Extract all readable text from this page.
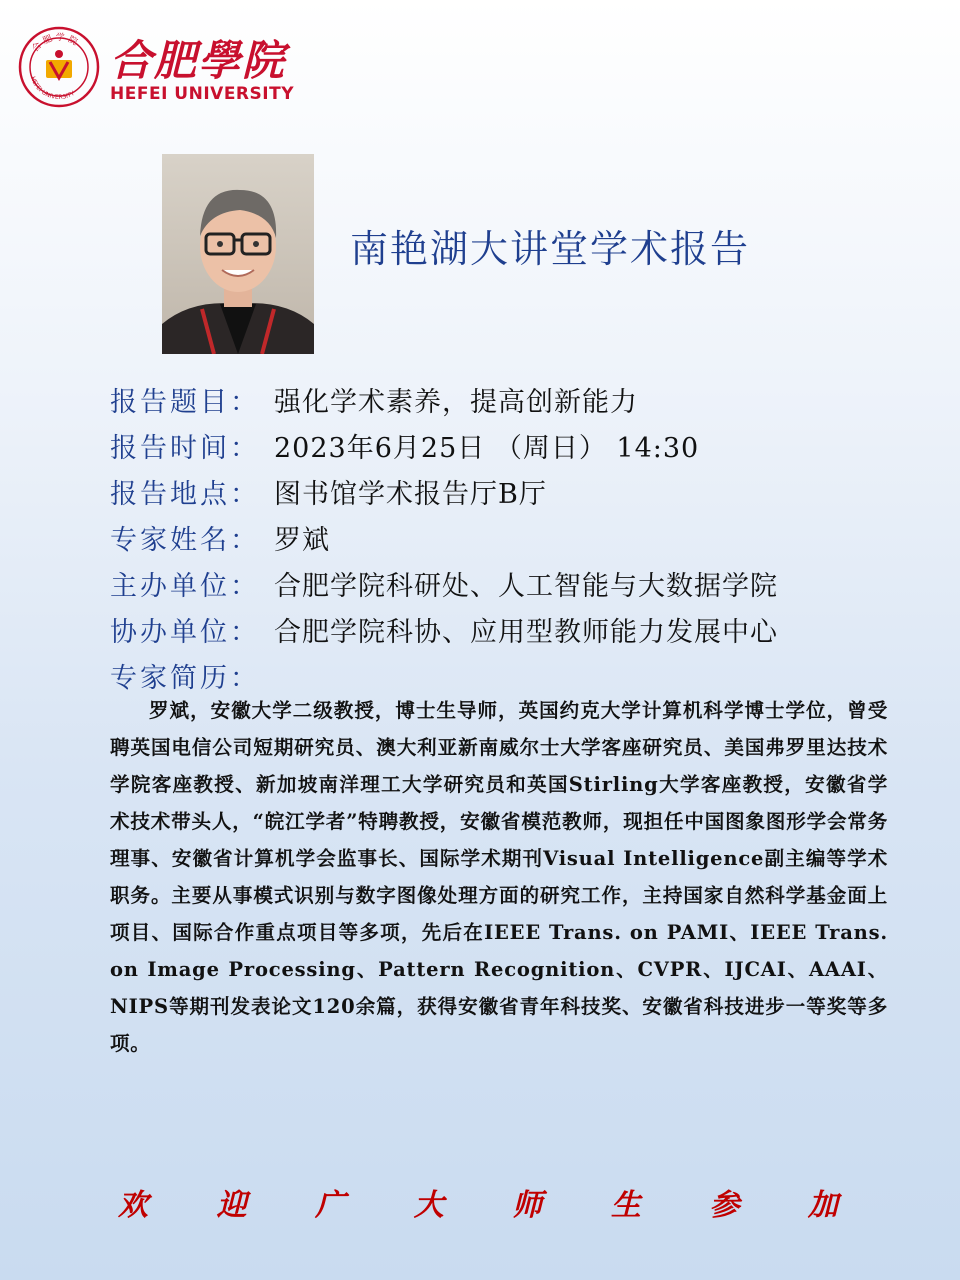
合 肥 学 院
HEFEI UNIVERSITY
合肥學院
HEFEI UNIVERSITY
南艳湖大讲堂学术报告
报告题目： 强化学术素养，提高创新能力
报告时间： 2023年6月25日 （周日） 14:30
报告地点： 图书馆学术报告厅B厅
专家姓名： 罗斌
主办单位： 合肥学院科研处、人工智能与大数据学院
协办单位： 合肥学院科协、应用型教师能力发展中心
专家简历：
罗斌，安徽大学二级教授，博士生导师，英国约克大学计算机科学博士学位，曾受聘英国电信公司短期研究员、澳大利亚新南威尔士大学客座研究员、美国弗罗里达技术学院客座教授、新加坡南洋理工大学研究员和英国Stirling大学客座教授，安徽省学术技术带头人，“皖江学者”特聘教授，安徽省模范教师，现担任中国图象图形学会常务理事、安徽省计算机学会监事长、国际学术期刊Visual Intelligence副主编等学术职务。主要从事模式识别与数字图像处理方面的研究工作，主持国家自然科学基金面上项目、国际合作重点项目等多项，先后在IEEE Trans. on PAMI、IEEE Trans. on Image Processing、Pattern Recognition、CVPR、IJCAI、AAAI、NIPS等期刊发表论文120余篇，获得安徽省青年科技奖、安徽省科技进步一等奖等多项。
欢 迎 广 大 师 生 参 加
